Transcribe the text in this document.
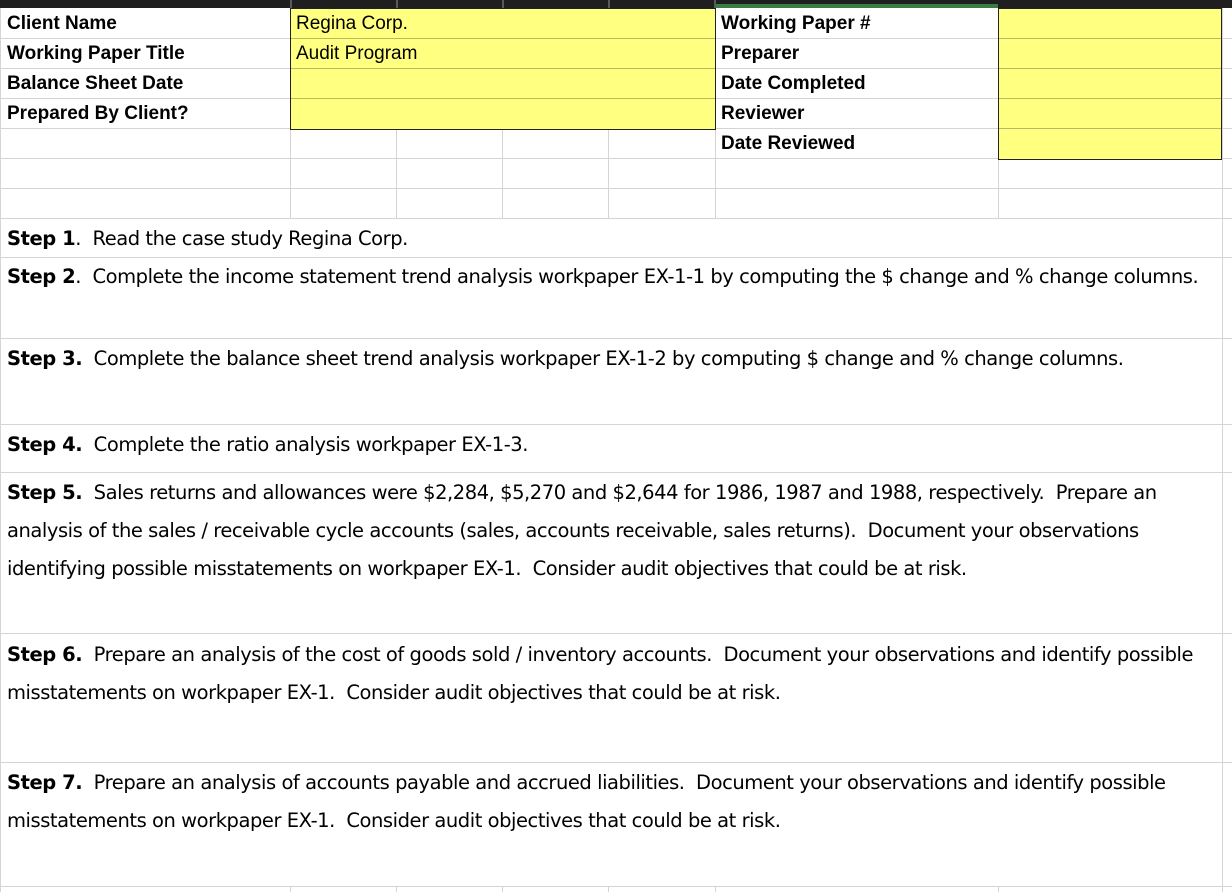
Client Name
Working Paper Title
Balance Sheet Date
Prepared By Client?
Regina Corp.
Audit Program
Working Paper #
Preparer
Date Completed
Reviewer
Date Reviewed
Step 1.  Read the case study Regina Corp.
Step 2.  Complete the income statement trend analysis workpaper EX-1-1 by computing the $ change and % change columns.
Step 3.  Complete the balance sheet trend analysis workpaper EX-1-2 by computing $ change and % change columns.
Step 4.  Complete the ratio analysis workpaper EX-1-3.
Step 5.  Sales returns and allowances were $2,284, $5,270 and $2,644 for 1986, 1987 and 1988, respectively.  Prepare an analysis of the sales / receivable cycle accounts (sales, accounts receivable, sales returns).  Document your observations identifying possible misstatements on workpaper EX-1.  Consider audit objectives that could be at risk.
Step 6.  Prepare an analysis of the cost of goods sold / inventory accounts.  Document your observations and identify possible misstatements on workpaper EX-1.  Consider audit objectives that could be at risk.
Step 7.  Prepare an analysis of accounts payable and accrued liabilities.  Document your observations and identify possible misstatements on workpaper EX-1.  Consider audit objectives that could be at risk.
